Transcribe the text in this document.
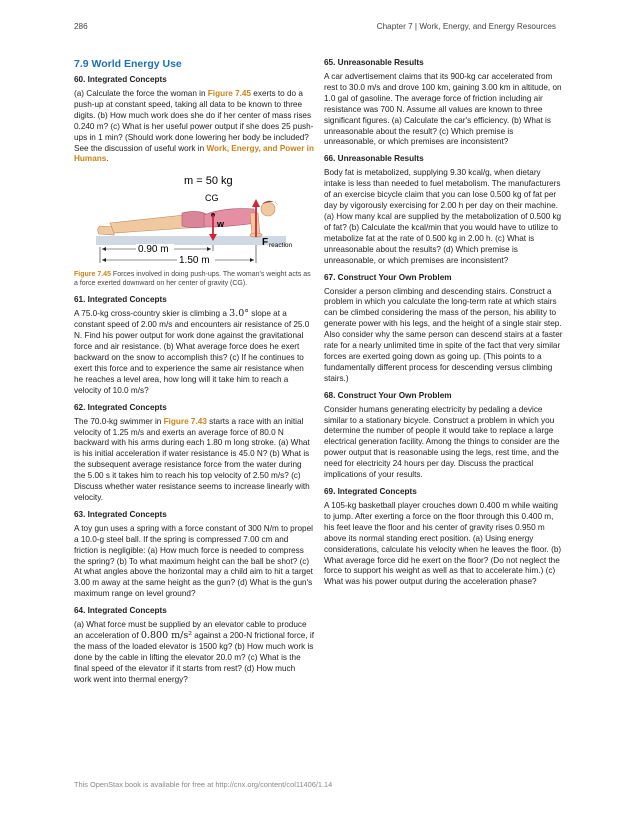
286	Chapter 7 | Work, Energy, and Energy Resources
7.9 World Energy Use
60. Integrated Concepts
(a) Calculate the force the woman in Figure 7.45 exerts to do a push-up at constant speed, taking all data to be known to three digits. (b) How much work does she do if her center of mass rises 0.240 m? (c) What is her useful power output if she does 25 push-ups in 1 min? (Should work done lowering her body be included? See the discussion of useful work in Work, Energy, and Power in Humans.
m = 50 kg
CG
w
F reaction
0.90 m
1.50 m
Figure 7.45 Forces involved in doing push-ups. The woman's weight acts as a force exerted downward on her center of gravity (CG).
61. Integrated Concepts
A 75.0-kg cross-country skier is climbing a 3.0° slope at a constant speed of 2.00 m/s and encounters air resistance of 25.0 N. Find his power output for work done against the gravitational force and air resistance. (b) What average force does he exert backward on the snow to accomplish this? (c) If he continues to exert this force and to experience the same air resistance when he reaches a level area, how long will it take him to reach a velocity of 10.0 m/s?
62. Integrated Concepts
The 70.0-kg swimmer in Figure 7.43 starts a race with an initial velocity of 1.25 m/s and exerts an average force of 80.0 N backward with his arms during each 1.80 m long stroke. (a) What is his initial acceleration if water resistance is 45.0 N? (b) What is the subsequent average resistance force from the water during the 5.00 s it takes him to reach his top velocity of 2.50 m/s? (c) Discuss whether water resistance seems to increase linearly with velocity.
63. Integrated Concepts
A toy gun uses a spring with a force constant of 300 N/m to propel a 10.0-g steel ball. If the spring is compressed 7.00 cm and friction is negligible: (a) How much force is needed to compress the spring? (b) To what maximum height can the ball be shot? (c) At what angles above the horizontal may a child aim to hit a target 3.00 m away at the same height as the gun? (d) What is the gun's maximum range on level ground?
64. Integrated Concepts
(a) What force must be supplied by an elevator cable to produce an acceleration of 0.800 m/s² against a 200-N frictional force, if the mass of the loaded elevator is 1500 kg? (b) How much work is done by the cable in lifting the elevator 20.0 m? (c) What is the final speed of the elevator if it starts from rest? (d) How much work went into thermal energy?
65. Unreasonable Results
A car advertisement claims that its 900-kg car accelerated from rest to 30.0 m/s and drove 100 km, gaining 3.00 km in altitude, on 1.0 gal of gasoline. The average force of friction including air resistance was 700 N. Assume all values are known to three significant figures. (a) Calculate the car's efficiency. (b) What is unreasonable about the result? (c) Which premise is unreasonable, or which premises are inconsistent?
66. Unreasonable Results
Body fat is metabolized, supplying 9.30 kcal/g, when dietary intake is less than needed to fuel metabolism. The manufacturers of an exercise bicycle claim that you can lose 0.500 kg of fat per day by vigorously exercising for 2.00 h per day on their machine. (a) How many kcal are supplied by the metabolization of 0.500 kg of fat? (b) Calculate the kcal/min that you would have to utilize to metabolize fat at the rate of 0.500 kg in 2.00 h. (c) What is unreasonable about the results? (d) Which premise is unreasonable, or which premises are inconsistent?
67. Construct Your Own Problem
Consider a person climbing and descending stairs. Construct a problem in which you calculate the long-term rate at which stairs can be climbed considering the mass of the person, his ability to generate power with his legs, and the height of a single stair step. Also consider why the same person can descend stairs at a faster rate for a nearly unlimited time in spite of the fact that very similar forces are exerted going down as going up. (This points to a fundamentally different process for descending versus climbing stairs.)
68. Construct Your Own Problem
Consider humans generating electricity by pedaling a device similar to a stationary bicycle. Construct a problem in which you determine the number of people it would take to replace a large electrical generation facility. Among the things to consider are the power output that is reasonable using the legs, rest time, and the need for electricity 24 hours per day. Discuss the practical implications of your results.
69. Integrated Concepts
A 105-kg basketball player crouches down 0.400 m while waiting to jump. After exerting a force on the floor through this 0.400 m, his feet leave the floor and his center of gravity rises 0.950 m above its normal standing erect position. (a) Using energy considerations, calculate his velocity when he leaves the floor. (b) What average force did he exert on the floor? (Do not neglect the force to support his weight as well as that to accelerate him.) (c) What was his power output during the acceleration phase?
This OpenStax book is available for free at http://cnx.org/content/col11406/1.14
